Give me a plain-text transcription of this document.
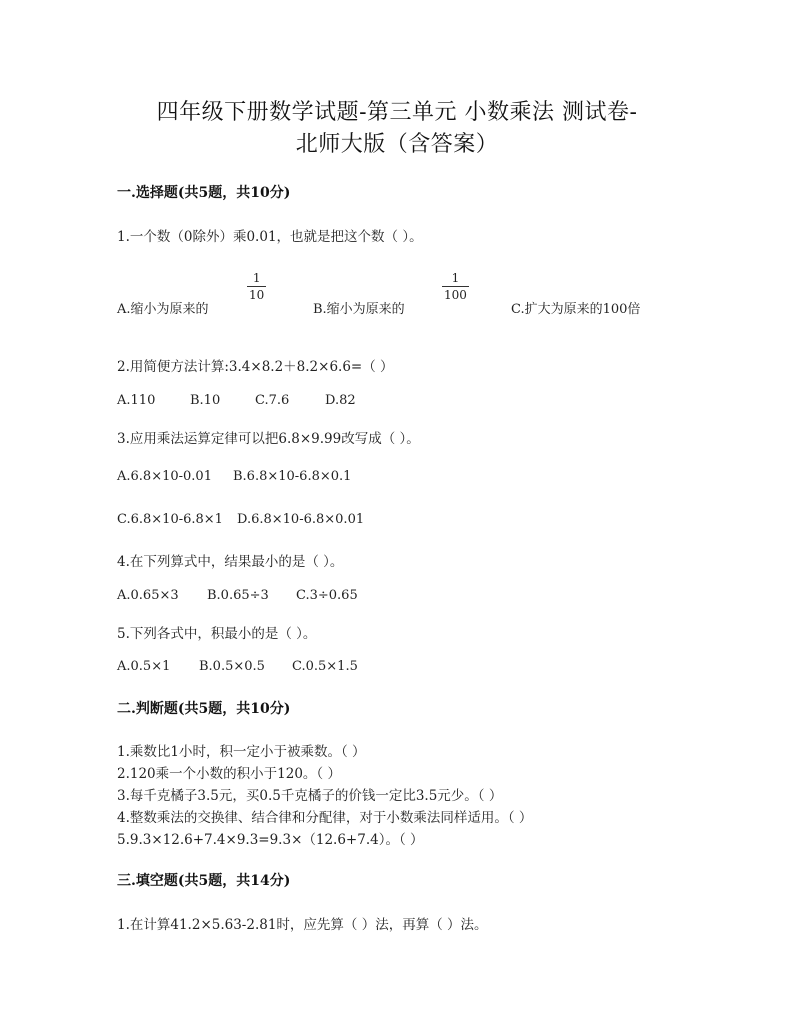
四年级下册数学试题-第三单元 小数乘法 测试卷-
北师大版（含答案）
一.选择题(共5题，共10分)
1.一个数（0除外）乘0.01，也就是把这个数（ ）。
A.缩小为原来的
1
10
B.缩小为原来的
1
100
C.扩大为原来的100倍
2.用简便方法计算:3.4×8.2＋8.2×6.6=（ ）
A.110	B.10	C.7.6	D.82
3.应用乘法运算定律可以把6.8×9.99改写成（ ）。
A.6.8×10-0.01 B.6.8×10-6.8×0.1
C.6.8×10-6.8×1 D.6.8×10-6.8×0.01
4.在下列算式中，结果最小的是（ ）。
A.0.65×3 B.0.65÷3 C.3÷0.65
5.下列各式中，积最小的是（ ）。
A.0.5×1 B.0.5×0.5 C.0.5×1.5
二.判断题(共5题，共10分)
1.乘数比1小时，积一定小于被乘数。（ ）
2.120乘一个小数的积小于120。（ ）
3.每千克橘子3.5元，买0.5千克橘子的价钱一定比3.5元少。（ ）
4.整数乘法的交换律、结合律和分配律，对于小数乘法同样适用。（ ）
5.9.3×12.6+7.4×9.3=9.3×（12.6+7.4）。（ ）
三.填空题(共5题，共14分)
1.在计算41.2×5.63-2.81时，应先算（ ）法，再算（ ）法。
